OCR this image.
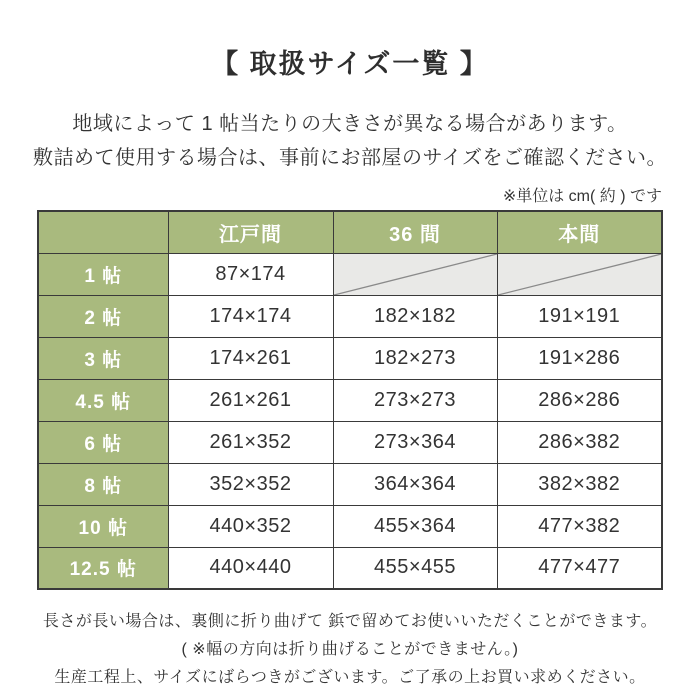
【 取扱サイズ一覧 】

地域によって 1 帖当たりの大きさが異なる場合があります。

敷詰めて使用する場合は、事前にお部屋のサイズをご確認ください。

※単位は cm( 約 ) です
	江戸間	36 間	本間
1 帖	87×174	

2 帖	174×174	182×182	191×191
3 帖	174×261	182×273	191×286
4.5 帖	261×261	273×273	286×286
6 帖	261×352	273×364	286×382
8 帖	352×352	364×364	382×382
10 帖	440×352	455×364	477×382
12.5 帖	440×440	455×455	477×477

長さが長い場合は、裏側に折り曲げて 鋲で留めてお使いいただくことができます。

( ※幅の方向は折り曲げることができません。)

生産工程上、サイズにばらつきがございます。ご了承の上お買い求めください。
